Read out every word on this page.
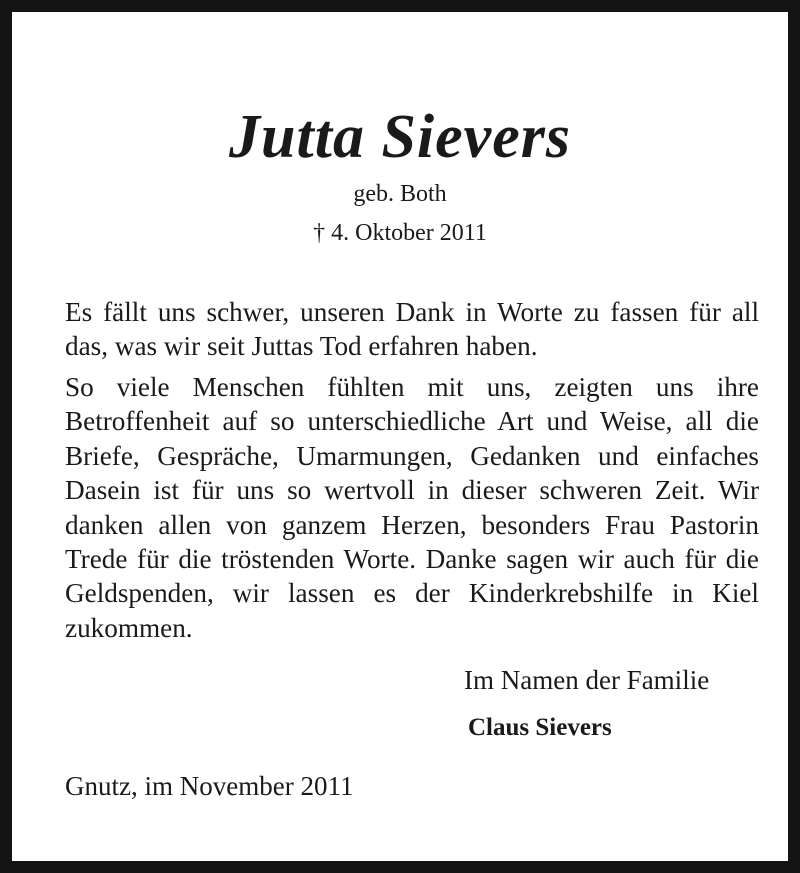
Jutta Sievers
geb. Both
† 4. Oktober 2011

Es fällt uns schwer, unseren Dank in Worte zu fassen für all das, was wir seit Juttas Tod erfahren haben.

So viele Menschen fühlten mit uns, zeigten uns ihre Betroffenheit auf so unterschiedliche Art und Weise, all die Briefe, Gespräche, Umarmungen, Gedanken und einfaches Dasein ist für uns so wertvoll in dieser schweren Zeit. Wir danken allen von ganzem Herzen, besonders Frau Pastorin Trede für die tröstenden Worte. Danke sagen wir auch für die Geldspenden, wir lassen es der Kinderkrebshilfe in Kiel zukommen.

Im Namen der Familie
Claus Sievers
Gnutz, im November 2011
